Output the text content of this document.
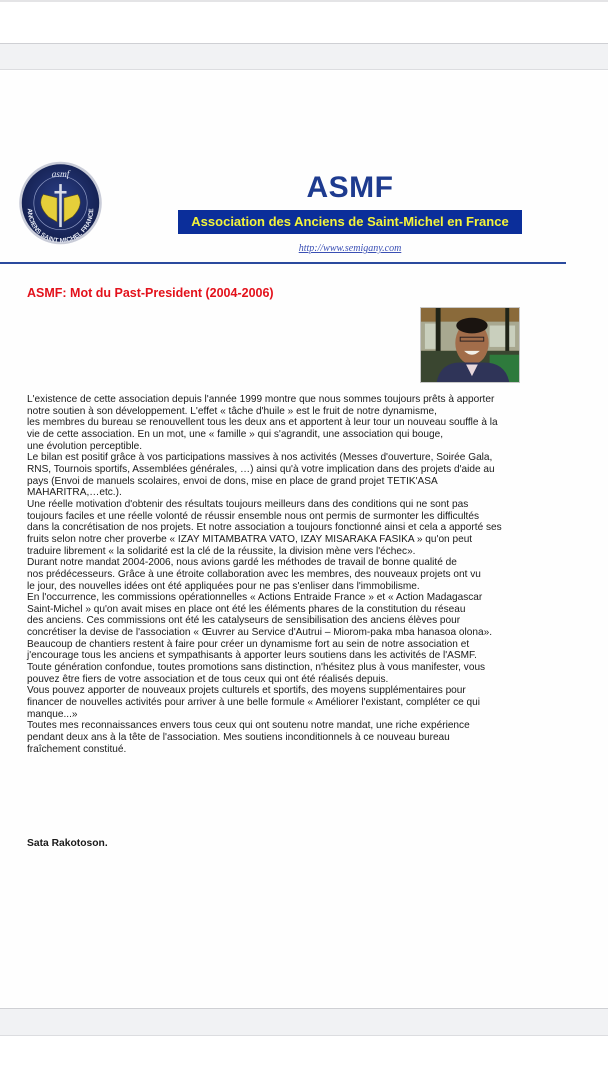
asmf
ANCIENS SAINT MICHEL FRANCE
ASMF
Association des Anciens de Saint-Michel en France
http://www.semigany.com
ASMF: Mot du Past-President (2004-2006)

L'existence de cette association depuis l'année 1999 montre que nous sommes toujours prêts à apporter

notre soutien à son développement. L'effet « tâche d'huile » est le fruit de notre dynamisme,

les membres du bureau se renouvellent tous les deux ans et apportent à leur tour un nouveau souffle à la

vie de cette association. En un mot, une « famille » qui s'agrandit, une association qui bouge,

une évolution perceptible.

Le bilan est positif grâce à vos participations massives à nos activités (Messes d'ouverture, Soirée Gala,

RNS, Tournois sportifs, Assemblées générales, …) ainsi qu'à votre implication dans des projets d'aide au

pays (Envoi de manuels scolaires, envoi de dons, mise en place de grand projet TETIK'ASA

MAHARITRA,…etc.).

Une réelle motivation d'obtenir des résultats toujours meilleurs dans des conditions qui ne sont pas

toujours faciles et une réelle volonté de réussir ensemble nous ont permis de surmonter les difficultés

dans la concrétisation de nos projets. Et notre association a toujours fonctionné ainsi et cela a apporté ses

fruits selon notre cher proverbe « IZAY MITAMBATRA VATO, IZAY MISARAKA FASIKA » qu'on peut

traduire librement « la solidarité est la clé de la réussite, la division mène vers l'échec».

Durant notre mandat 2004-2006, nous avions gardé les méthodes de travail de bonne qualité de

nos prédécesseurs. Grâce à une étroite collaboration avec les membres, des nouveaux projets ont vu

le jour, des nouvelles idées ont été appliquées pour ne pas s'enliser dans l'immobilisme.

En l'occurrence, les commissions opérationnelles « Actions Entraide France » et « Action Madagascar

Saint-Michel » qu'on avait mises en place ont été les éléments phares de la constitution du réseau

des anciens. Ces commissions ont été les catalyseurs de sensibilisation des anciens élèves pour

concrétiser la devise de l'association « Œuvrer au Service d'Autrui – Miorom-paka mba hanasoa olona».

Beaucoup de chantiers restent à faire pour créer un dynamisme fort au sein de notre association et

j'encourage tous les anciens et sympathisants à apporter leurs soutiens dans les activités de l'ASMF.

Toute génération confondue, toutes promotions sans distinction, n'hésitez plus à vous manifester, vous

pouvez être fiers de votre association et de tous ceux qui ont été réalisés depuis.

Vous pouvez apporter de nouveaux projets culturels et sportifs, des moyens supplémentaires pour

financer de nouvelles activités pour arriver à une belle formule « Améliorer l'existant, compléter ce qui

manque...»

Toutes mes reconnaissances envers tous ceux qui ont soutenu notre mandat, une riche expérience

pendant deux ans à la tête de l'association. Mes soutiens inconditionnels à ce nouveau bureau

fraîchement constitué.

Sata Rakotoson.
